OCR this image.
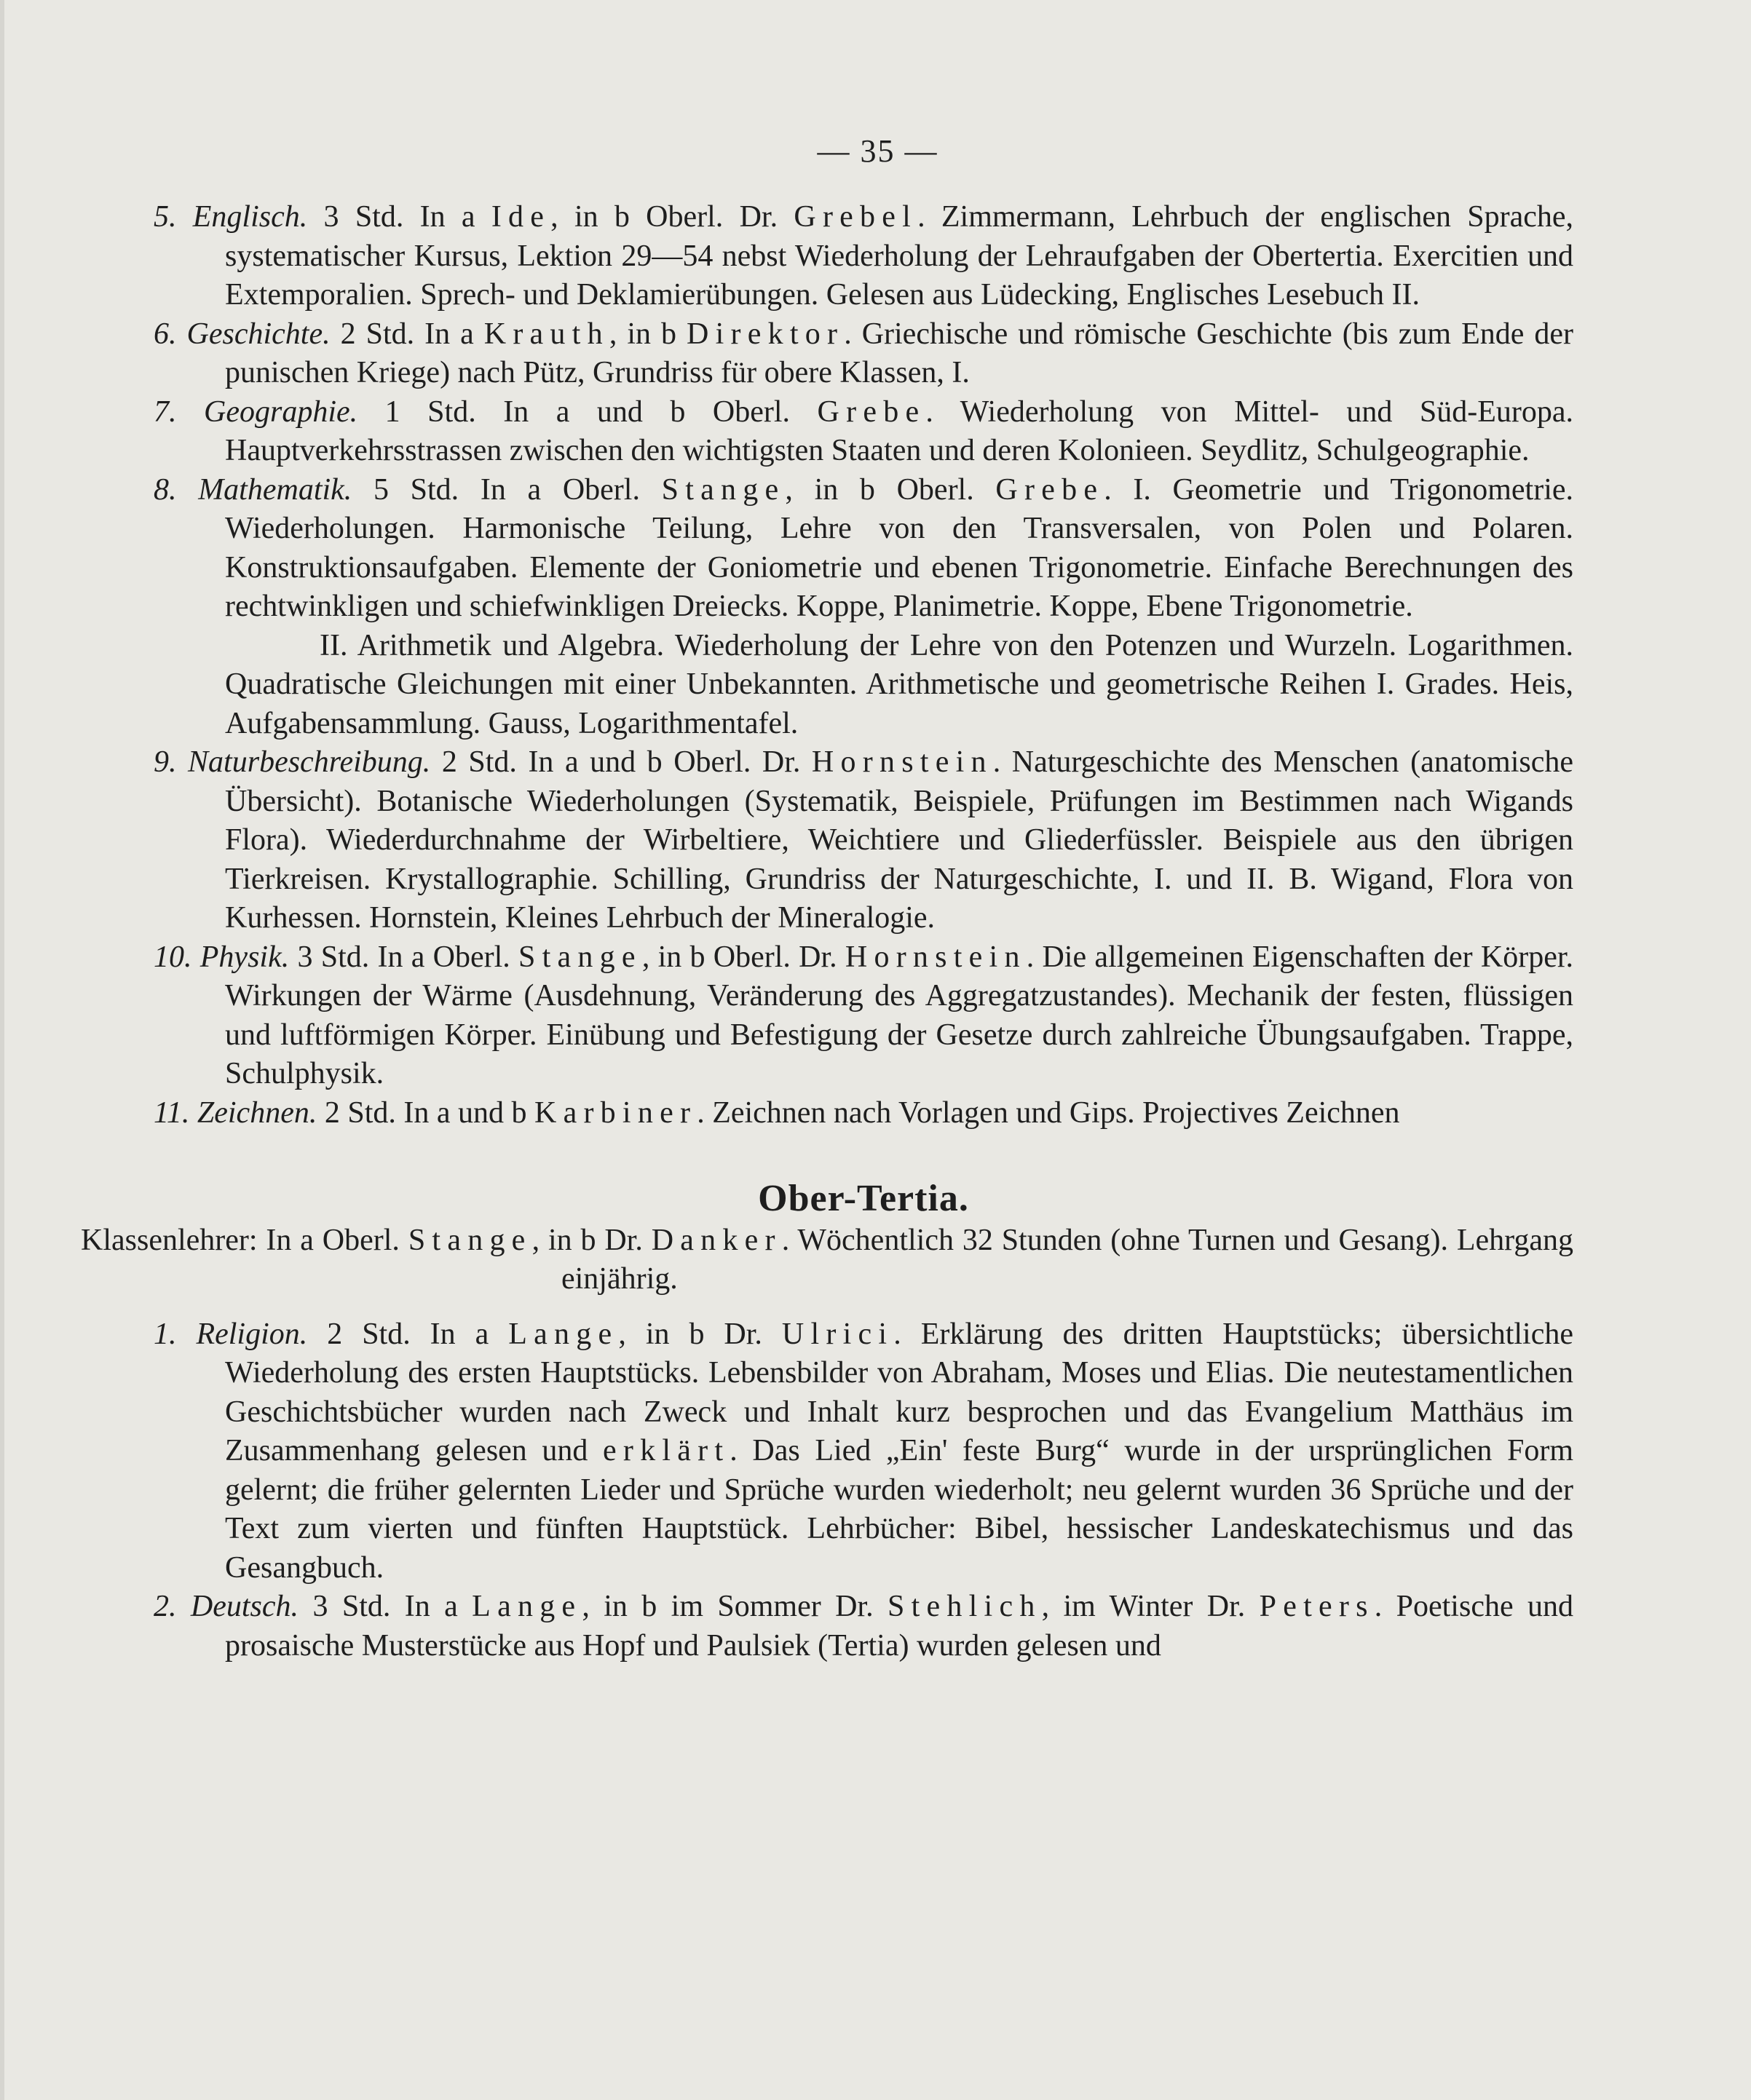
— 35 —

5. Englisch. 3 Std. In a Ide, in b Oberl. Dr. Grebel. Zimmermann, Lehrbuch der englischen Sprache, systematischer Kursus, Lektion 29—54 nebst Wiederholung der Lehraufgaben der Obertertia. Exercitien und Extemporalien. Sprech- und Deklamierübungen. Gelesen aus Lüdecking, Englisches Lesebuch II.

6. Geschichte. 2 Std. In a Krauth, in b Direktor. Griechische und römische Geschichte (bis zum Ende der punischen Kriege) nach Pütz, Grundriss für obere Klassen, I.

7. Geographie. 1 Std. In a und b Oberl. Grebe. Wiederholung von Mittel- und Süd-Europa. Hauptverkehrsstrassen zwischen den wichtigsten Staaten und deren Kolonieen. Seydlitz, Schulgeographie.

8. Mathematik. 5 Std. In a Oberl. Stange, in b Oberl. Grebe. I. Geometrie und Trigonometrie. Wiederholungen. Harmonische Teilung, Lehre von den Transversalen, von Polen und Polaren. Konstruktionsaufgaben. Elemente der Goniometrie und ebenen Trigonometrie. Einfache Berechnungen des rechtwinkligen und schiefwinkligen Dreiecks. Koppe, Planimetrie. Koppe, Ebene Trigonometrie.

II. Arithmetik und Algebra. Wiederholung der Lehre von den Potenzen und Wurzeln. Logarithmen. Quadratische Gleichungen mit einer Unbekannten. Arithmetische und geometrische Reihen I. Grades. Heis, Aufgabensammlung. Gauss, Logarithmentafel.

9. Naturbeschreibung. 2 Std. In a und b Oberl. Dr. Hornstein. Naturgeschichte des Menschen (anatomische Übersicht). Botanische Wiederholungen (Systematik, Beispiele, Prüfungen im Bestimmen nach Wigands Flora). Wiederdurchnahme der Wirbeltiere, Weichtiere und Gliederfüssler. Beispiele aus den übrigen Tierkreisen. Krystallographie. Schilling, Grundriss der Naturgeschichte, I. und II. B. Wigand, Flora von Kurhessen. Hornstein, Kleines Lehrbuch der Mineralogie.

10. Physik. 3 Std. In a Oberl. Stange, in b Oberl. Dr. Hornstein. Die allgemeinen Eigenschaften der Körper. Wirkungen der Wärme (Ausdehnung, Veränderung des Aggregatzustandes). Mechanik der festen, flüssigen und luftförmigen Körper. Einübung und Befestigung der Gesetze durch zahlreiche Übungsaufgaben. Trappe, Schulphysik.

11. Zeichnen. 2 Std. In a und b Karbiner. Zeichnen nach Vorlagen und Gips. Projectives Zeichnen

Ober-Tertia.

Klassenlehrer: In a Oberl. Stange, in b Dr. Danker. Wöchentlich 32 Stunden (ohne Turnen und Gesang). Lehrgang einjährig.

1. Religion. 2 Std. In a Lange, in b Dr. Ulrici. Erklärung des dritten Hauptstücks; übersichtliche Wiederholung des ersten Hauptstücks. Lebensbilder von Abraham, Moses und Elias. Die neutestamentlichen Geschichtsbücher wurden nach Zweck und Inhalt kurz besprochen und das Evangelium Matthäus im Zusammenhang gelesen und erklärt. Das Lied „Ein' feste Burg“ wurde in der ursprünglichen Form gelernt; die früher gelernten Lieder und Sprüche wurden wiederholt; neu gelernt wurden 36 Sprüche und der Text zum vierten und fünften Hauptstück. Lehrbücher: Bibel, hessischer Landeskatechismus und das Gesangbuch.

2. Deutsch. 3 Std. In a Lange, in b im Sommer Dr. Stehlich, im Winter Dr. Peters. Poetische und prosaische Musterstücke aus Hopf und Paulsiek (Tertia) wurden gelesen und
